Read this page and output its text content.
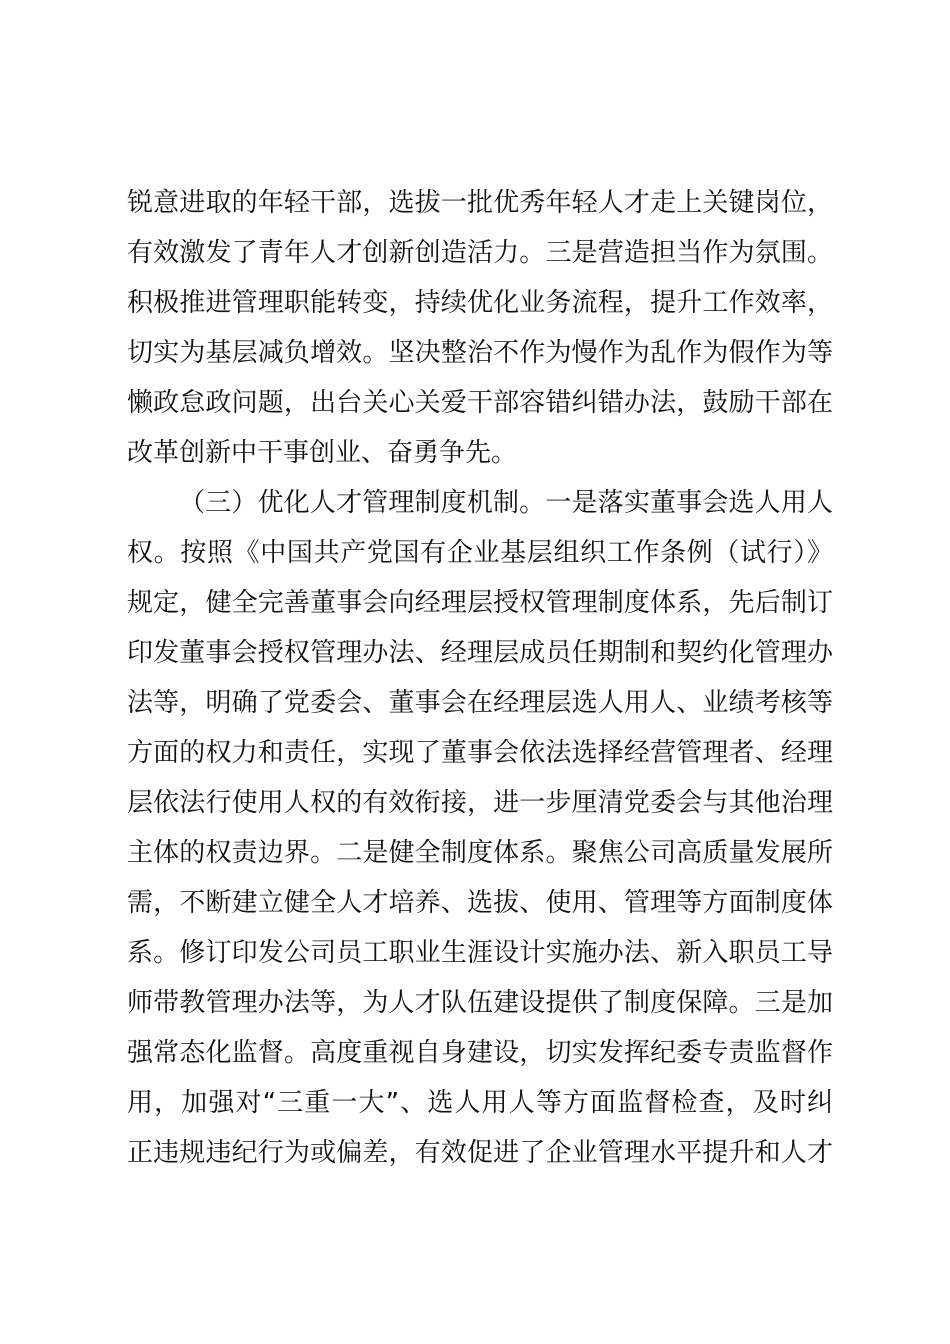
锐意进取的年轻干部，选拔一批优秀年轻人才走上关键岗位，
有效激发了青年人才创新创造活力。三是营造担当作为氛围。
积极推进管理职能转变，持续优化业务流程，提升工作效率，
切实为基层减负增效。坚决整治不作为慢作为乱作为假作为等
懒政怠政问题，出台关心关爱干部容错纠错办法，鼓励干部在
改革创新中干事创业、奋勇争先。
（三）优化人才管理制度机制。一是落实董事会选人用人
权。按照《中国共产党国有企业基层组织工作条例（试行）》
规定，健全完善董事会向经理层授权管理制度体系，先后制订
印发董事会授权管理办法、经理层成员任期制和契约化管理办
法等，明确了党委会、董事会在经理层选人用人、业绩考核等
方面的权力和责任，实现了董事会依法选择经营管理者、经理
层依法行使用人权的有效衔接，进一步厘清党委会与其他治理
主体的权责边界。二是健全制度体系。聚焦公司高质量发展所
需，不断建立健全人才培养、选拔、使用、管理等方面制度体
系。修订印发公司员工职业生涯设计实施办法、新入职员工导
师带教管理办法等，为人才队伍建设提供了制度保障。三是加
强常态化监督。高度重视自身建设，切实发挥纪委专责监督作
用，加强对“三重一大”、选人用人等方面监督检查，及时纠
正违规违纪行为或偏差，有效促进了企业管理水平提升和人才
